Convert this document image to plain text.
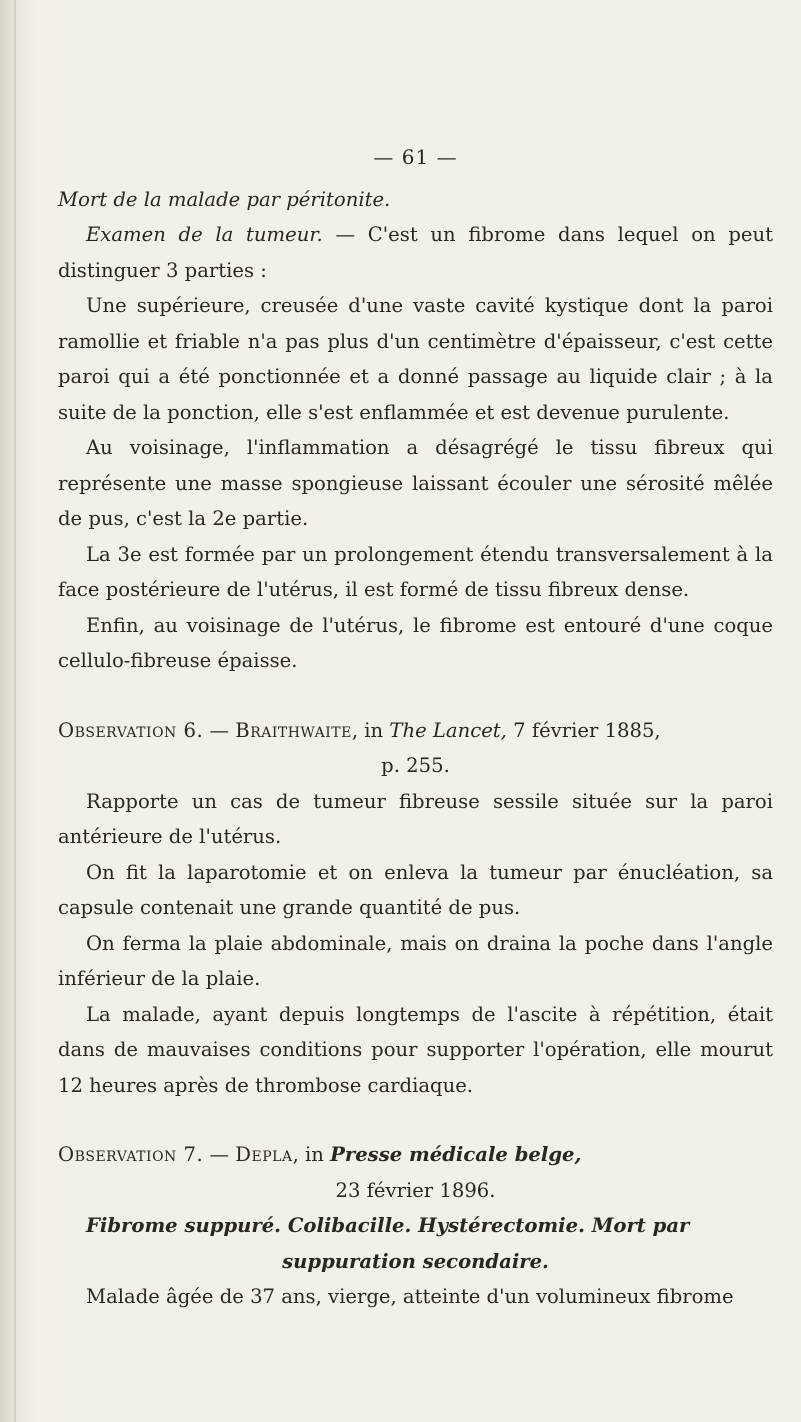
— 61 —

Mort de la malade par péritonite.

Examen de la tumeur. — C'est un fibrome dans lequel on peut distinguer 3 parties :

Une supérieure, creusée d'une vaste cavité kystique dont la paroi ramollie et friable n'a pas plus d'un centimètre d'épaisseur, c'est cette paroi qui a été ponctionnée et a donné passage au liquide clair ; à la suite de la ponction, elle s'est enflammée et est devenue purulente.

Au voisinage, l'inflammation a désagrégé le tissu fibreux qui représente une masse spongieuse laissant écouler une sérosité mêlée de pus, c'est la 2e partie.

La 3e est formée par un prolongement étendu transversalement à la face postérieure de l'utérus, il est formé de tissu fibreux dense.

Enfin, au voisinage de l'utérus, le fibrome est entouré d'une coque cellulo-fibreuse épaisse.

Observation 6. — Braithwaite, in The Lancet, 7 février 1885,

p. 255.

Rapporte un cas de tumeur fibreuse sessile située sur la paroi antérieure de l'utérus.

On fit la laparotomie et on enleva la tumeur par énucléation, sa capsule contenait une grande quantité de pus.

On ferma la plaie abdominale, mais on draina la poche dans l'angle inférieur de la plaie.

La malade, ayant depuis longtemps de l'ascite à répétition, était dans de mauvaises conditions pour supporter l'opération, elle mourut 12 heures après de thrombose cardiaque.

Observation 7. — Depla, in Presse médicale belge,

23 février 1896.

Fibrome suppuré. Colibacille. Hystérectomie. Mort par

suppuration secondaire.

Malade âgée de 37 ans, vierge, atteinte d'un volumineux fibrome
